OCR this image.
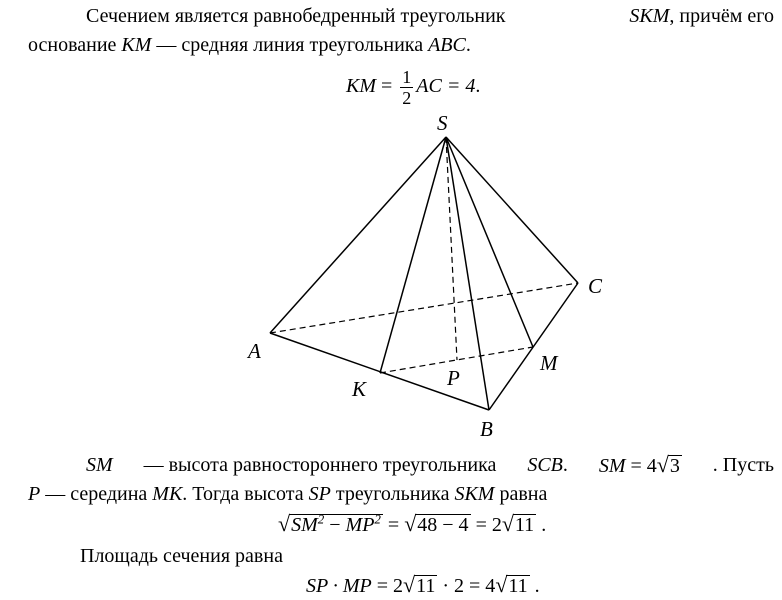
Сечением является равнобедренный треугольник	SKM, причём его
основание KM — средняя линия треугольника ABC.
KM = $\frac{1}{2}$ AC = 4.
S
A
B
C
K
M
P
SM — высота равностороннего треугольника SCB. SM = 4√3 . Пусть
P — середина MK. Тогда высота SP треугольника SKM равна
$√SM^2 - MP^2 = √48 - 4 = 2√11$ .
Площадь сечения равна
SP · MP = 2√11 · 2 = 4√11 .
